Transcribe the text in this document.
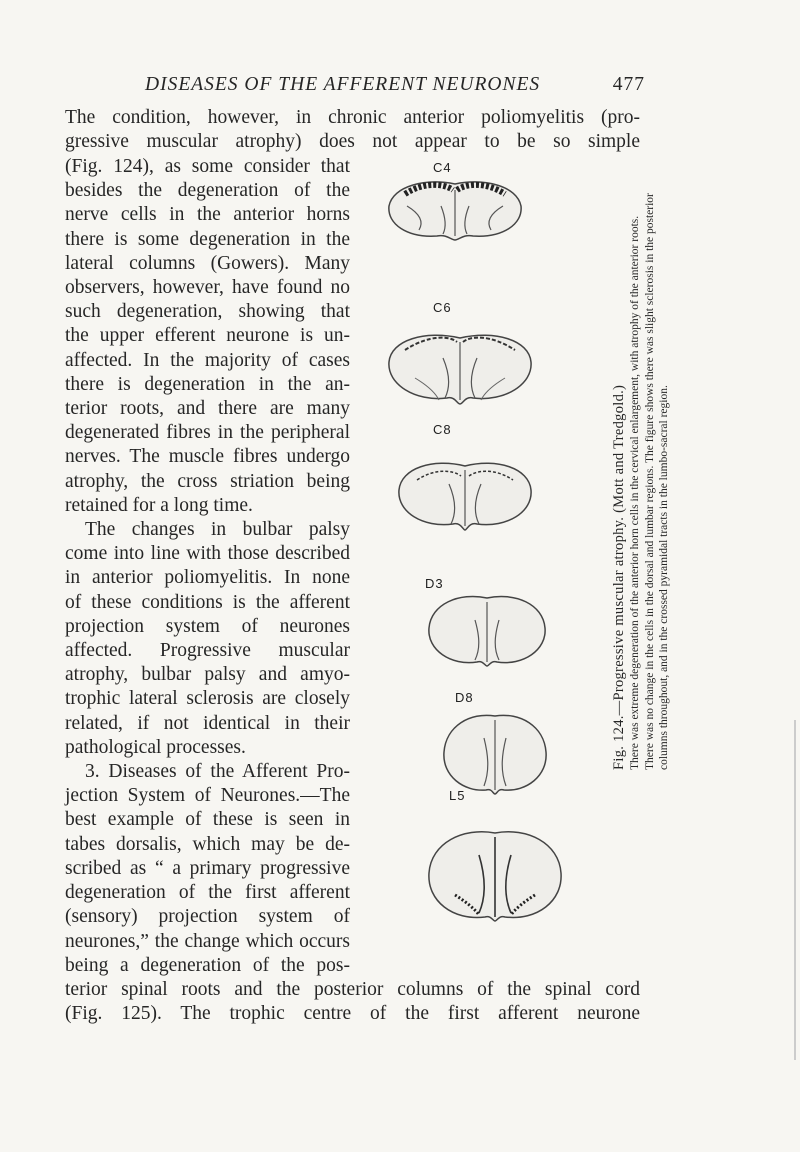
DISEASES OF THE AFFERENT NEURONES	477
The condition, however, in chronic anterior poliomyelitis (pro-
gressive muscular atrophy) does not appear to be so simple
(Fig. 124), as some consider that
besides the degeneration of the
nerve cells in the anterior horns
there is some degeneration in the
lateral columns (Gowers). Many
observers, however, have found no
such degeneration, showing that
the upper efferent neurone is un-
affected. In the majority of cases
there is degeneration in the an-
terior roots, and there are many
degenerated fibres in the peripheral
nerves. The muscle fibres undergo
atrophy, the cross striation being
retained for a long time.
The changes in bulbar palsy
come into line with those described
in anterior poliomyelitis. In none
of these conditions is the afferent
projection system of neurones
affected. Progressive muscular
atrophy, bulbar palsy and amyo-
trophic lateral sclerosis are closely
related, if not identical in their
pathological processes.
3. Diseases of the Afferent Pro-
jection System of Neurones.—The
best example of these is seen in
tabes dorsalis, which may be de-
scribed as “ a primary progressive
degeneration of the first afferent
(sensory) projection system of
neurones,” the change which occurs
being a degeneration of the pos-
terior spinal roots and the posterior columns of the spinal cord
(Fig. 125). The trophic centre of the first afferent neurone
C4
C6
C8
D3
D8
L5
Fig. 124.—Progressive muscular atrophy. (Mott and Tredgold.) There was extreme degeneration of the anterior horn cells in the cervical enlargement, with atrophy of the anterior roots. There was no change in the cells in the dorsal and lumbar regions. The figure shows there was slight sclerosis in the posterior columns throughout, and in the crossed pyramidal tracts in the lumbo-sacral region.
